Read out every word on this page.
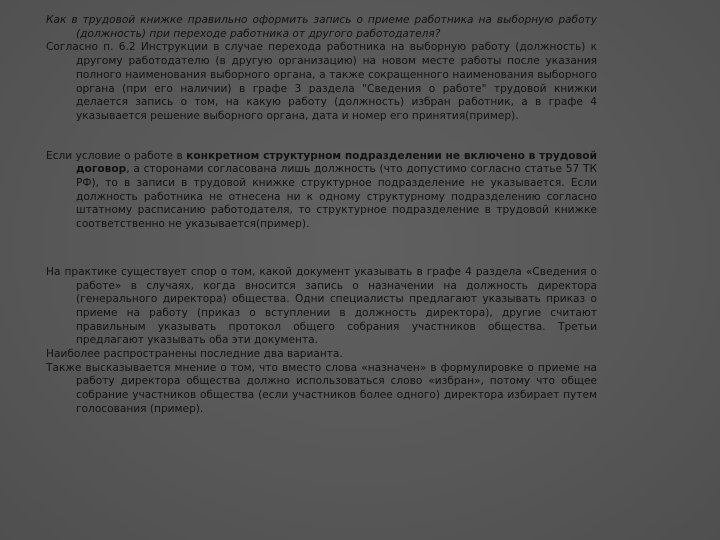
Как в трудовой книжке правильно оформить запись о приеме работника на выборную работу (должность) при переходе работника от другого работодателя?

Согласно п. 6.2 Инструкции в случае перехода работника на выборную работу (должность) к другому работодателю (в другую организацию) на новом месте работы после указания полного наименования выборного органа, а также сокращенного наименования выборного органа (при его наличии) в графе 3 раздела "Сведения о работе" трудовой книжки делается запись о том, на какую работу (должность) избран работник, а в графе 4 указывается решение выборного органа, дата и номер его принятия(пример).

Если условие о работе в конкретном структурном подразделении не включено в трудовой договор, а сторонами согласована лишь должность (что допустимо согласно статье 57 ТК РФ), то в записи в трудовой книжке структурное подразделение не указывается. Если должность работника не отнесена ни к одному структурному подразделению согласно штатному расписанию работодателя, то структурное подразделение в трудовой книжке соответственно не указывается(пример).

На практике существует спор о том, какой документ указывать в графе 4 раздела «Сведения о работе» в случаях, когда вносится запись о назначении на должность директора (генерального директора) общества. Одни специалисты предлагают указывать приказ о приеме на работу (приказ о вступлении в должность директора), другие считают правильным указывать протокол общего собрания участников общества. Третьи предлагают указывать оба эти документа.

Наиболее распространены последние два варианта.

Также высказывается мнение о том, что вместо слова «назначен» в формулировке о приеме на работу директора общества должно использоваться слово «избран», потому что общее собрание участников общества (если участников более одного) директора избирает путем голосования (пример).
